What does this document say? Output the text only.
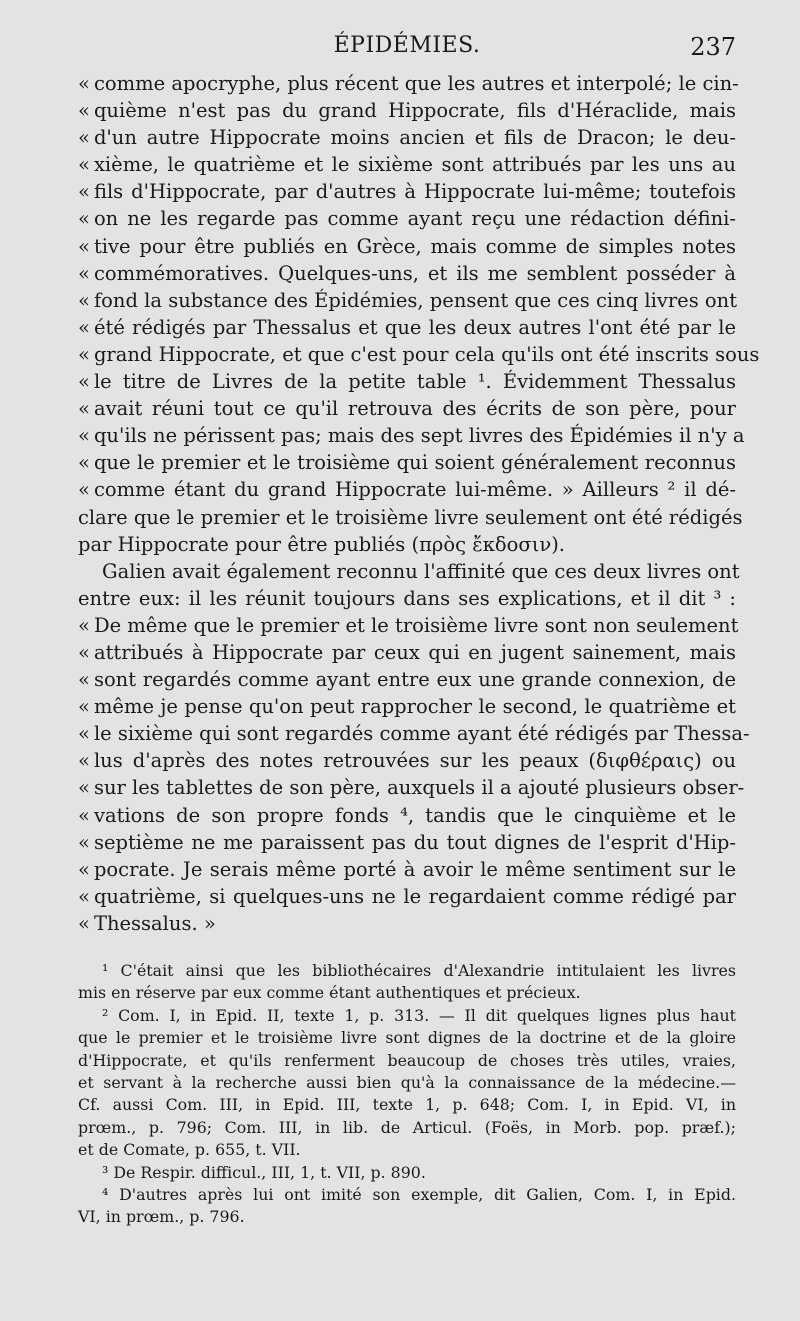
ÉPIDÉMIES.	237
« comme apocryphe, plus récent que les autres et interpolé; le cin-
« quième n'est pas du grand Hippocrate, fils d'Héraclide, mais
« d'un autre Hippocrate moins ancien et fils de Dracon; le deu-
« xième, le quatrième et le sixième sont attribués par les uns au
« fils d'Hippocrate, par d'autres à Hippocrate lui-même; toutefois
« on ne les regarde pas comme ayant reçu une rédaction défini-
« tive pour être publiés en Grèce, mais comme de simples notes
« commémoratives. Quelques-uns, et ils me semblent posséder à
« fond la substance des Épidémies, pensent que ces cinq livres ont
« été rédigés par Thessalus et que les deux autres l'ont été par le
« grand Hippocrate, et que c'est pour cela qu'ils ont été inscrits sous
« le titre de Livres de la petite table ¹. Évidemment Thessalus
« avait réuni tout ce qu'il retrouva des écrits de son père, pour
« qu'ils ne périssent pas; mais des sept livres des Épidémies il n'y a
« que le premier et le troisième qui soient généralement reconnus
« comme étant du grand Hippocrate lui-même. » Ailleurs ² il dé-
clare que le premier et le troisième livre seulement ont été rédigés
par Hippocrate pour être publiés (πρὸς ἔκδοσιν).
Galien avait également reconnu l'affinité que ces deux livres ont
entre eux: il les réunit toujours dans ses explications, et il dit ³ :
« De même que le premier et le troisième livre sont non seulement
« attribués à Hippocrate par ceux qui en jugent sainement, mais
« sont regardés comme ayant entre eux une grande connexion, de
« même je pense qu'on peut rapprocher le second, le quatrième et
« le sixième qui sont regardés comme ayant été rédigés par Thessa-
« lus d'après des notes retrouvées sur les peaux (διφθέραις) ou
« sur les tablettes de son père, auxquels il a ajouté plusieurs obser-
« vations de son propre fonds ⁴, tandis que le cinquième et le
« septième ne me paraissent pas du tout dignes de l'esprit d'Hip-
« pocrate. Je serais même porté à avoir le même sentiment sur le
« quatrième, si quelques-uns ne le regardaient comme rédigé par
« Thessalus. »
¹ C'était ainsi que les bibliothécaires d'Alexandrie intitulaient les livres
mis en réserve par eux comme étant authentiques et précieux.
² Com. I, in Epid. II, texte 1, p. 313. — Il dit quelques lignes plus haut
que le premier et le troisième livre sont dignes de la doctrine et de la gloire
d'Hippocrate, et qu'ils renferment beaucoup de choses très utiles, vraies,
et servant à la recherche aussi bien qu'à la connaissance de la médecine.—
Cf. aussi Com. III, in Epid. III, texte 1, p. 648; Com. I, in Epid. VI, in
prœm., p. 796; Com. III, in lib. de Articul. (Foës, in Morb. pop. præf.);
et de Comate, p. 655, t. VII.
³ De Respir. difficul., III, 1, t. VII, p. 890.
⁴ D'autres après lui ont imité son exemple, dit Galien, Com. I, in Epid.
VI, in prœm., p. 796.
